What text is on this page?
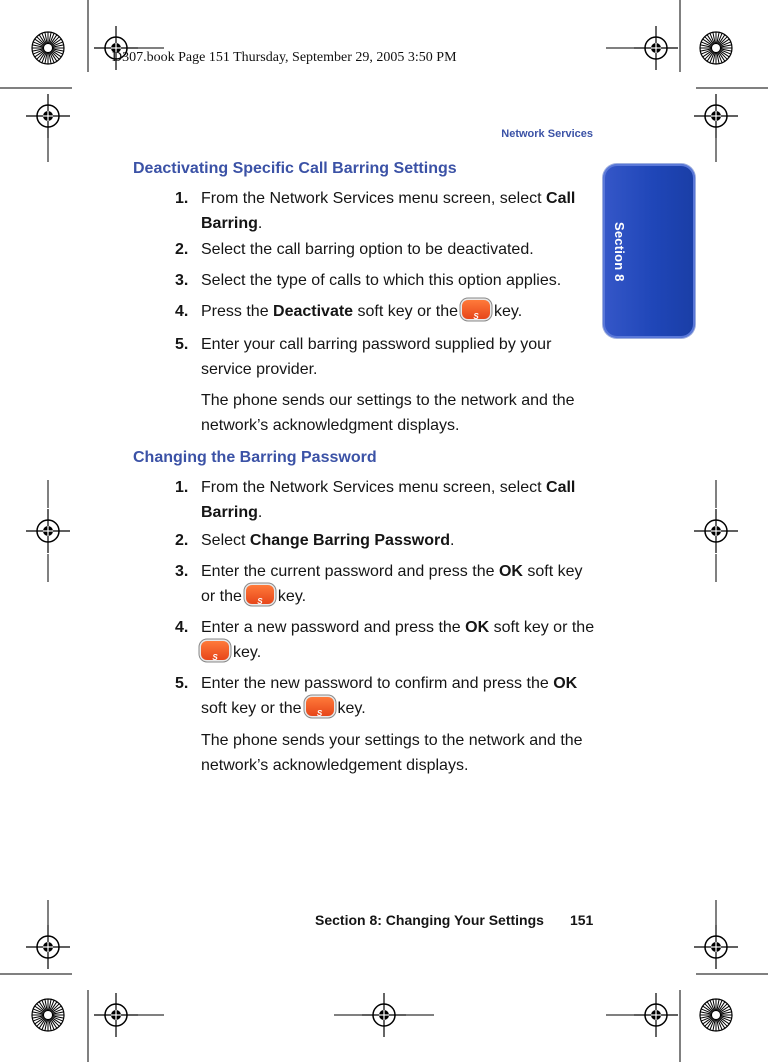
D307.book Page 151 Thursday, September 29, 2005 3:50 PM
Network Services
Section 8
Deactivating Specific Call Barring Settings
1. From the Network Services menu screen, select Call Barring.
2. Select the call barring option to be deactivated.
3. Select the type of calls to which this option applies.
4. Press the Deactivate soft key or the S key.
5. Enter your call barring password supplied by your service provider.
The phone sends our settings to the network and the network’s acknowledgment displays.
Changing the Barring Password
1. From the Network Services menu screen, select Call Barring.
2. Select Change Barring Password.
3. Enter the current password and press the OK soft key or the S key.
4. Enter a new password and press the OK soft key or the
Skey.
5. Enter the new password to confirm and press the OK soft key or the S key.
The phone sends your settings to the network and the network’s acknowledgement displays.
Section 8: Changing Your Settings 151
